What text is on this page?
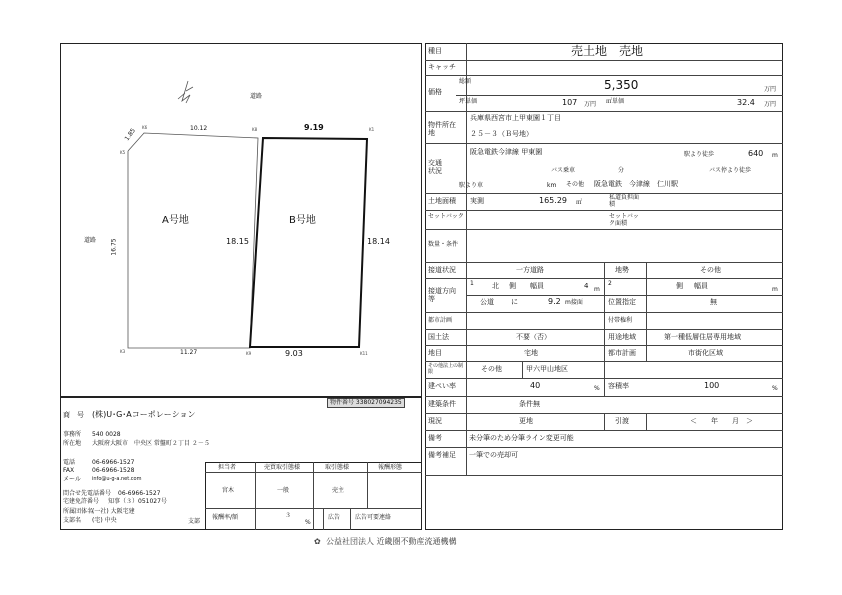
K6
K5
K8	K1
K3	K9	K11
道路
道路
10.12	9.19
1.85
16.75
A号地	B号地
18.15	18.14
11.27	9.03
物件番号 338027094235
商　号 (株)U･G･Aコーポレーション
事務所 540 0028
所在地 大阪府大阪市　中央区 常盤町２丁目 ２－５
電話	06-6966-1527
FAX	06-6966-1528
メール info@u-g-a.net.com
問合せ先電話番号 06-6966-1527
宅建免許番号 知事（３）051027号
所属団体名
(一社) 大阪宅建
支部名 (宅) 中央	支部
担当者	売買取引態様	取引態様	報酬形態
宮木	一般	売主
報酬率/額	３
%
広告 広告可要連絡
種目	売土地　売地
キャッチ
価格
総額	5,350	万円
坪単価	107 万円 ㎡単価	32.4 万円
物件所在地
兵庫県西宮市上甲東園１丁目
２５－３（Ｂ号地）
交通状況
阪急電鉄今津線 甲東園	駅より徒歩	640 m
バス乗車	分	バス停より徒歩
駅より車	km その他 阪急電鉄　今津線　仁川駅
土地面積 実測	165.29 ㎡
私道負担面積
セットバック	セットバック面積
数量・条件
接道状況	一方道路	地勢	その他
接道方向等
1	北 側 幅員	4 m
2	側 幅員	m
公道 に	9.2 m接面	位置指定	無
都市計画	付帯権利
国土法	不要（否）	用途地域	第一種低層住居専用地域
地目	宅地	都市計画	市街化区域
その他法上の制限	その他	甲六甲山地区
建ぺい率	40	% 容積率	100	%
建築条件	条件無
現況	更地	引渡	＜　　年　　月　＞
備考	未分筆のため分筆ライン変更可能
備考補足 一筆での売却可
✿ 公益社団法人 近畿圏不動産流通機構
